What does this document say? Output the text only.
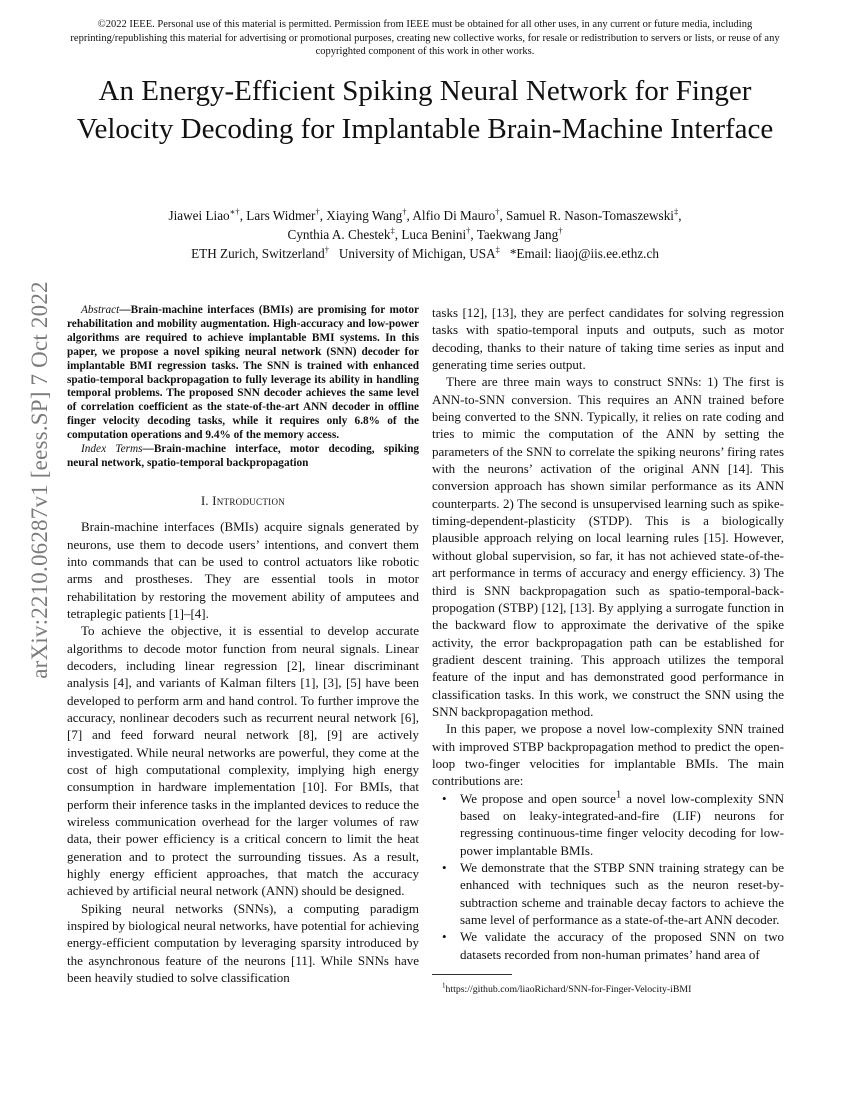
©2022 IEEE. Personal use of this material is permitted. Permission from IEEE must be obtained for all other uses, in any current or future media, including reprinting/republishing this material for advertising or promotional purposes, creating new collective works, for resale or redistribution to servers or lists, or reuse of any copyrighted component of this work in other works.
An Energy-Efficient Spiking Neural Network for Finger Velocity Decoding for Implantable Brain-Machine Interface
Jiawei Liao∗†, Lars Widmer†, Xiaying Wang†, Alfio Di Mauro†, Samuel R. Nason-Tomaszewski‡,
Cynthia A. Chestek‡, Luca Benini†, Taekwang Jang†
ETH Zurich, Switzerland† University of Michigan, USA‡ *Email: liaoj@iis.ee.ethz.ch
arXiv:2210.06287v1 [eess.SP] 7 Oct 2022	Abstract—Brain-machine interfaces (BMIs) are promising for motor rehabilitation and mobility augmentation. High-accuracy and low-power algorithms are required to achieve implantable BMI systems. In this paper, we propose a novel spiking neural network (SNN) decoder for implantable BMI regression tasks. The SNN is trained with enhanced spatio-temporal backpropagation to fully leverage its ability in handling temporal problems. The proposed SNN decoder achieves the same level of correlation coefficient as the state-of-the-art ANN decoder in offline finger velocity decoding tasks, while it requires only 6.8% of the computation operations and 9.4% of the memory access.

Index Terms—Brain-machine interface, motor decoding, spiking neural network, spatio-temporal backpropagation

I. Introduction

Brain-machine interfaces (BMIs) acquire signals generated by neurons, use them to decode users’ intentions, and convert them into commands that can be used to control actuators like robotic arms and prostheses. They are essential tools in motor rehabilitation by restoring the movement ability of amputees and tetraplegic patients [1]–[4].

To achieve the objective, it is essential to develop accurate algorithms to decode motor function from neural signals. Linear decoders, including linear regression [2], linear discriminant analysis [4], and variants of Kalman filters [1], [3], [5] have been developed to perform arm and hand control. To further improve the accuracy, nonlinear decoders such as recurrent neural network [6], [7] and feed forward neural network [8], [9] are actively investigated. While neural networks are powerful, they come at the cost of high computational complexity, implying high energy consumption in hardware implementation [10]. For BMIs, that perform their inference tasks in the implanted devices to reduce the wireless communication overhead for the larger volumes of raw data, their power efficiency is a critical concern to limit the heat generation and to protect the surrounding tissues. As a result, highly energy efficient approaches, that match the accuracy achieved by artificial neural network (ANN) should be designed.

Spiking neural networks (SNNs), a computing paradigm inspired by biological neural networks, have potential for achieving energy-efficient computation by leveraging sparsity introduced by the asynchronous feature of the neurons [11]. While SNNs have been heavily studied to solve classification

tasks [12], [13], they are perfect candidates for solving regression tasks with spatio-temporal inputs and outputs, such as motor decoding, thanks to their nature of taking time series as input and generating time series output.

There are three main ways to construct SNNs: 1) The first is ANN-to-SNN conversion. This requires an ANN trained before being converted to the SNN. Typically, it relies on rate coding and tries to mimic the computation of the ANN by setting the parameters of the SNN to correlate the spiking neurons’ firing rates with the neurons’ activation of the original ANN [14]. This conversion approach has shown similar performance as its ANN counterparts. 2) The second is unsupervised learning such as spike-timing-dependent-plasticity (STDP). This is a biologically plausible approach relying on local learning rules [15]. However, without global supervision, so far, it has not achieved state-of-the-art performance in terms of accuracy and energy efficiency. 3) The third is SNN backpropagation such as spatio-temporal-back-propogation (STBP) [12], [13]. By applying a surrogate function in the backward flow to approximate the derivative of the spike activity, the error backpropagation path can be established for gradient descent training. This approach utilizes the temporal feature of the input and has demonstrated good performance in classification tasks. In this work, we construct the SNN using the SNN backpropagation method.

In this paper, we propose a novel low-complexity SNN trained with improved STBP backpropagation method to predict the open-loop two-finger velocities for implantable BMIs. The main contributions are:

• We propose and open source$^1$ a novel low-complexity SNN based on leaky-integrated-and-fire (LIF) neurons for regressing continuous-time finger velocity decoding for low-power implantable BMIs.
• We demonstrate that the STBP SNN training strategy can be enhanced with techniques such as the neuron reset-by-subtraction scheme and trainable decay factors to achieve the same level of performance as a state-of-the-art ANN decoder.
• We validate the accuracy of the proposed SNN on two datasets recorded from non-human primates’ hand area of
$^1$https://github.com/liaoRichard/SNN-for-Finger-Velocity-iBMI
